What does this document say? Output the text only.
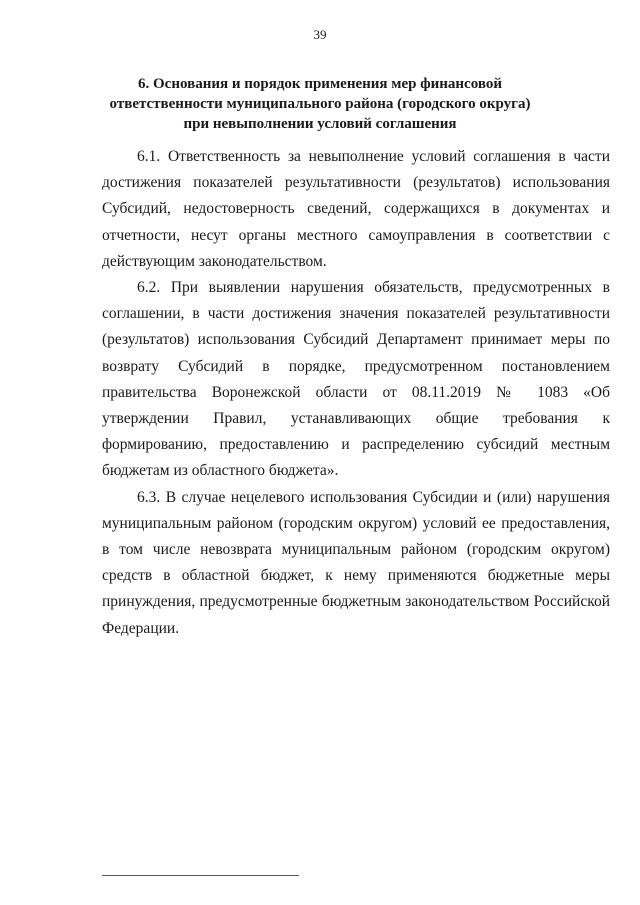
39
6. Основания и порядок применения мер финансовой
ответственности муниципального района (городского округа)
при невыполнении условий соглашения

6.1. Ответственность за невыполнение условий соглашения в части достижения показателей результативности (результатов) использования Субсидий, недостоверность сведений, содержащихся в документах и отчетности, несут органы местного самоуправления в соответствии с действующим законодательством.

6.2. При выявлении нарушения обязательств, предусмотренных в соглашении, в части достижения значения показателей результативности (результатов) использования Субсидий Департамент принимает меры по возврату Субсидий в порядке, предусмотренном постановлением правительства Воронежской области от 08.11.2019 № 1083 «Об утверждении Правил, устанавливающих общие требования к формированию, предоставлению и распределению субсидий местным бюджетам из областного бюджета».

6.3. В случае нецелевого использования Субсидии и (или) нарушения муниципальным районом (городским округом) условий ее предоставления, в том числе невозврата муниципальным районом (городским округом) средств в областной бюджет, к нему применяются бюджетные меры принуждения, предусмотренные бюджетным законодательством Российской Федерации.
